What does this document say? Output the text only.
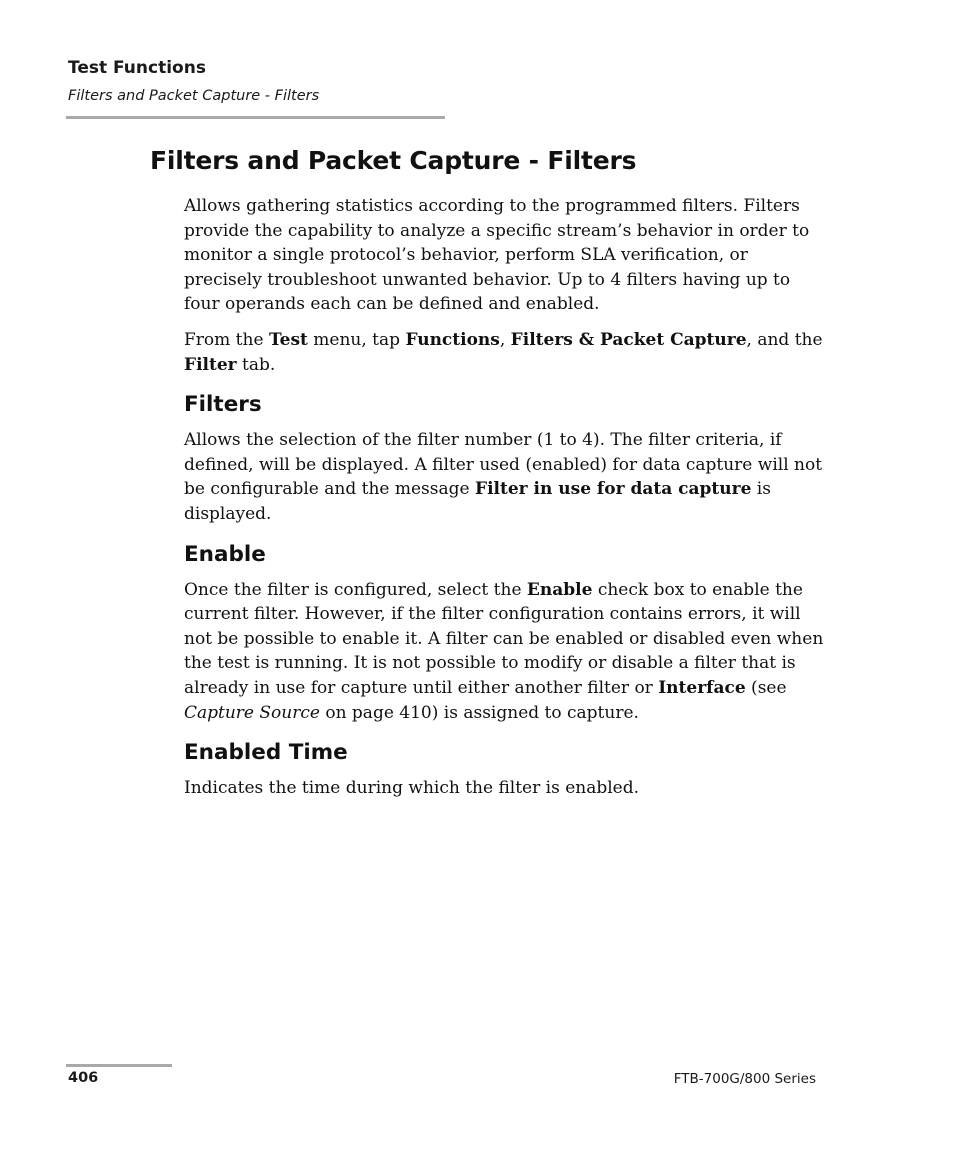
Test Functions
Filters and Packet Capture - Filters
Filters and Packet Capture - Filters

Allows gathering statistics according to the programmed filters. Filters provide the capability to analyze a specific stream’s behavior in order to monitor a single protocol’s behavior, perform SLA verification, or precisely troubleshoot unwanted behavior. Up to 4 filters having up to four operands each can be defined and enabled.

From the Test menu, tap Functions, Filters & Packet Capture, and the Filter tab.

Filters

Allows the selection of the filter number (1 to 4). The filter criteria, if defined, will be displayed. A filter used (enabled) for data capture will not be configurable and the message Filter in use for data capture is displayed.

Enable

Once the filter is configured, select the Enable check box to enable the current filter. However, if the filter configuration contains errors, it will not be possible to enable it. A filter can be enabled or disabled even when the test is running. It is not possible to modify or disable a filter that is already in use for capture until either another filter or Interface (see Capture Source on page 410) is assigned to capture.

Enabled Time

Indicates the time during which the filter is enabled.

406	FTB-700G/800 Series
